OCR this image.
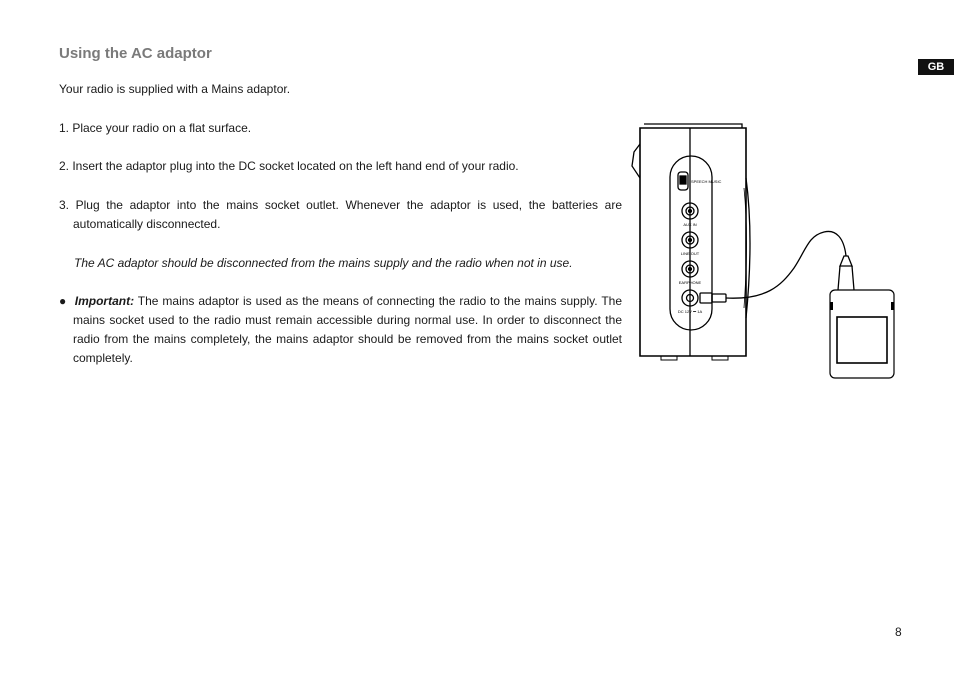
Using the AC adaptor
GB

Your radio is supplied with a Mains adaptor.

1. Place your radio on a flat surface.

2. Insert the adaptor plug into the DC socket located on the left hand end of your radio.

3. Plug the adaptor into the mains socket outlet. Whenever the adaptor is used, the batteries are automatically disconnected.

The AC adaptor should be disconnected from the mains supply and the radio when not in use.

● Important: The mains adaptor is used as the means of connecting the radio to the mains supply. The mains socket used to the radio must remain accessible during normal use. In order to disconnect the radio from the mains completely, the mains adaptor should be removed from the mains socket outlet completely.

SPEECH MUSIC
AUX IN
LINE OUT
EARPHONE
DC 12V ⎓ 1A
8
